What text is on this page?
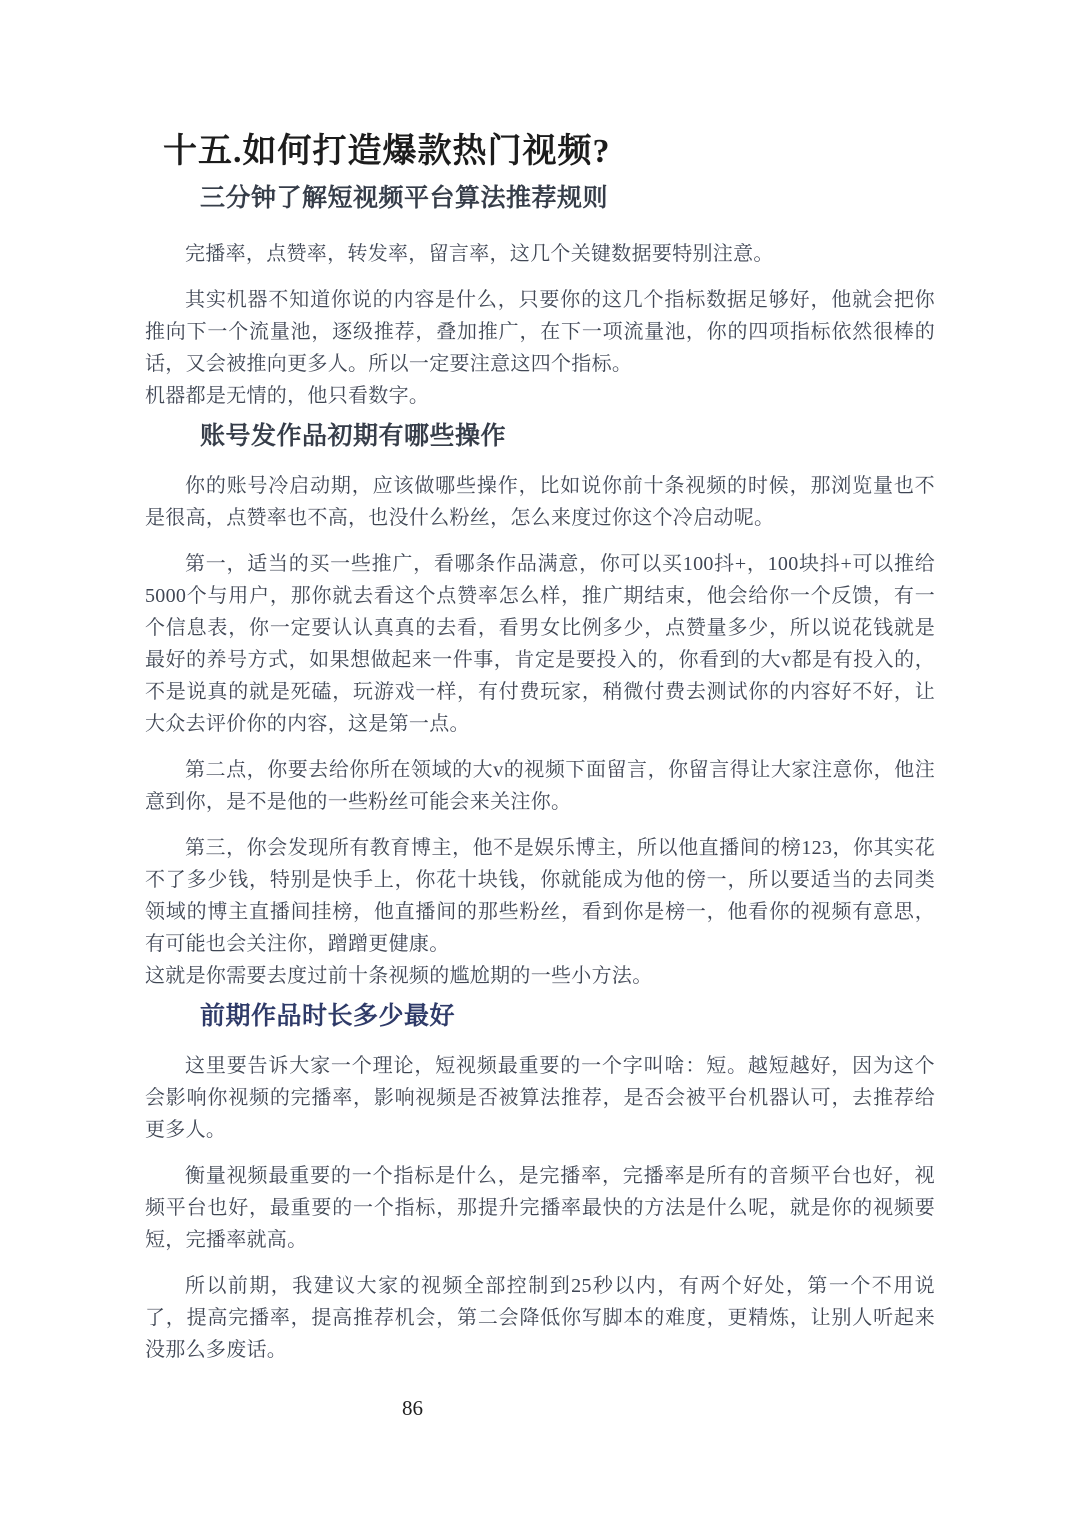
十五.如何打造爆款热门视频?
三分钟了解短视频平台算法推荐规则

完播率，点赞率，转发率，留言率，这几个关键数据要特别注意。

其实机器不知道你说的内容是什么，只要你的这几个指标数据足够好，他就会把你推向下一个流量池，逐级推荐，叠加推广，在下一项流量池，你的四项指标依然很棒的话，又会被推向更多人。所以一定要注意这四个指标。

机器都是无情的，他只看数字。

账号发作品初期有哪些操作

你的账号冷启动期，应该做哪些操作，比如说你前十条视频的时候，那浏览量也不是很高，点赞率也不高，也没什么粉丝，怎么来度过你这个冷启动呢。

第一，适当的买一些推广，看哪条作品满意，你可以买100抖+，100块抖+可以推给5000个与用户，那你就去看这个点赞率怎么样，推广期结束，他会给你一个反馈，有一个信息表，你一定要认认真真的去看，看男女比例多少，点赞量多少，所以说花钱就是最好的养号方式，如果想做起来一件事，肯定是要投入的，你看到的大v都是有投入的，不是说真的就是死磕，玩游戏一样，有付费玩家，稍微付费去测试你的内容好不好，让大众去评价你的内容，这是第一点。

第二点，你要去给你所在领域的大v的视频下面留言，你留言得让大家注意你，他注意到你，是不是他的一些粉丝可能会来关注你。

第三，你会发现所有教育博主，他不是娱乐博主，所以他直播间的榜123，你其实花不了多少钱，特别是快手上，你花十块钱，你就能成为他的傍一，所以要适当的去同类领域的博主直播间挂榜，他直播间的那些粉丝，看到你是榜一，他看你的视频有意思，有可能也会关注你，蹭蹭更健康。

这就是你需要去度过前十条视频的尴尬期的一些小方法。

前期作品时长多少最好

这里要告诉大家一个理论，短视频最重要的一个字叫啥：短。越短越好，因为这个会影响你视频的完播率，影响视频是否被算法推荐，是否会被平台机器认可，去推荐给更多人。

衡量视频最重要的一个指标是什么，是完播率，完播率是所有的音频平台也好，视频平台也好，最重要的一个指标，那提升完播率最快的方法是什么呢，就是你的视频要短，完播率就高。

所以前期，我建议大家的视频全部控制到25秒以内，有两个好处，第一个不用说了，提高完播率，提高推荐机会，第二会降低你写脚本的难度，更精炼，让别人听起来没那么多废话。

86
